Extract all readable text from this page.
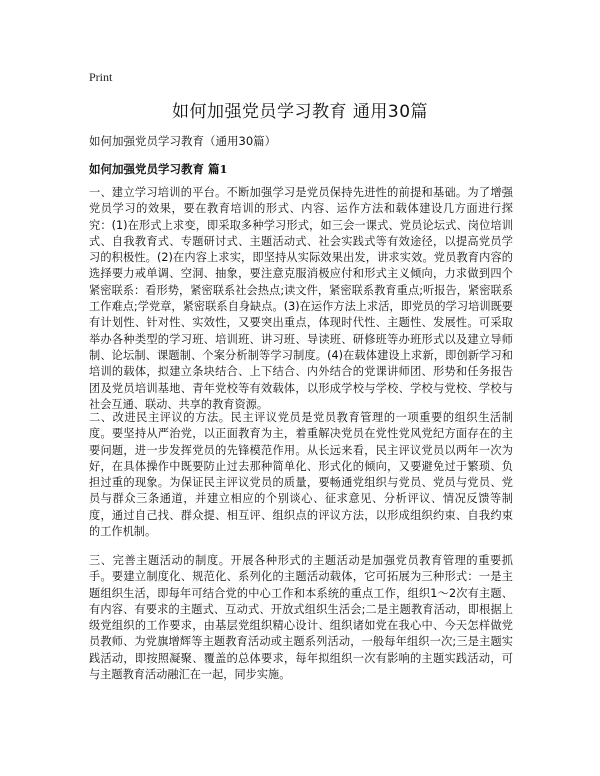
Print
如何加强党员学习教育 通用30篇

如何加强党员学习教育（通用30篇）

如何加强党员学习教育 篇1

一、建立学习培训的平台。不断加强学习是党员保持先进性的前提和基础。为了增强党员学习的效果，要在教育培训的形式、内容、运作方法和载体建设几方面进行探究：(1)在形式上求变，即采取多种学习形式，如三会一课式、党员论坛式、岗位培训式、自我教育式、专题研讨式、主题活动式、社会实践式等有效途径，以提高党员学习的积极性。(2)在内容上求实，即坚持从实际效果出发，讲求实效。党员教育内容的选择要力戒单调、空洞、抽象，要注意克服消极应付和形式主义倾向，力求做到四个紧密联系：看形势，紧密联系社会热点;读文件，紧密联系教育重点;听报告，紧密联系工作难点;学党章，紧密联系自身缺点。(3)在运作方法上求活，即党员的学习培训既要有计划性、针对性、实效性，又要突出重点，体现时代性、主题性、发展性。可采取举办各种类型的学习班、培训班、讲习班、导读班、研修班等办班形式以及建立导师制、论坛制、课题制、个案分析制等学习制度。(4)在载体建设上求新，即创新学习和培训的载体，拟建立条块结合、上下结合、内外结合的党课讲师团、形势和任务报告团及党员培训基地、青年党校等有效载体，以形成学校与学校、学校与党校、学校与社会互通、联动、共享的教育资源。

二、改进民主评议的方法。民主评议党员是党员教育管理的一项重要的组织生活制度。要坚持从严治党，以正面教育为主，着重解决党员在党性党风党纪方面存在的主要问题，进一步发挥党员的先锋模范作用。从长远来看，民主评议党员以两年一次为好，在具体操作中既要防止过去那种简单化、形式化的倾向，又要避免过于繁琐、负担过重的现象。为保证民主评议党员的质量，要畅通党组织与党员、党员与党员、党员与群众三条通道，并建立相应的个别谈心、征求意见、分析评议、情况反馈等制度，通过自己找、群众提、相互评、组织点的评议方法，以形成组织约束、自我约束的工作机制。

三、完善主题活动的制度。开展各种形式的主题活动是加强党员教育管理的重要抓手。要建立制度化、规范化、系列化的主题活动载体，它可拓展为三种形式：一是主题组织生活，即每年可结合党的中心工作和本系统的重点工作，组织1～2次有主题、有内容、有要求的主题式、互动式、开放式组织生活会;二是主题教育活动，即根据上级党组织的工作要求，由基层党组织精心设计、组织诸如党在我心中、今天怎样做党员教师、为党旗增辉等主题教育活动或主题系列活动，一般每年组织一次;三是主题实践活动，即按照凝聚、覆盖的总体要求，每年拟组织一次有影响的主题实践活动，可与主题教育活动融汇在一起，同步实施。
